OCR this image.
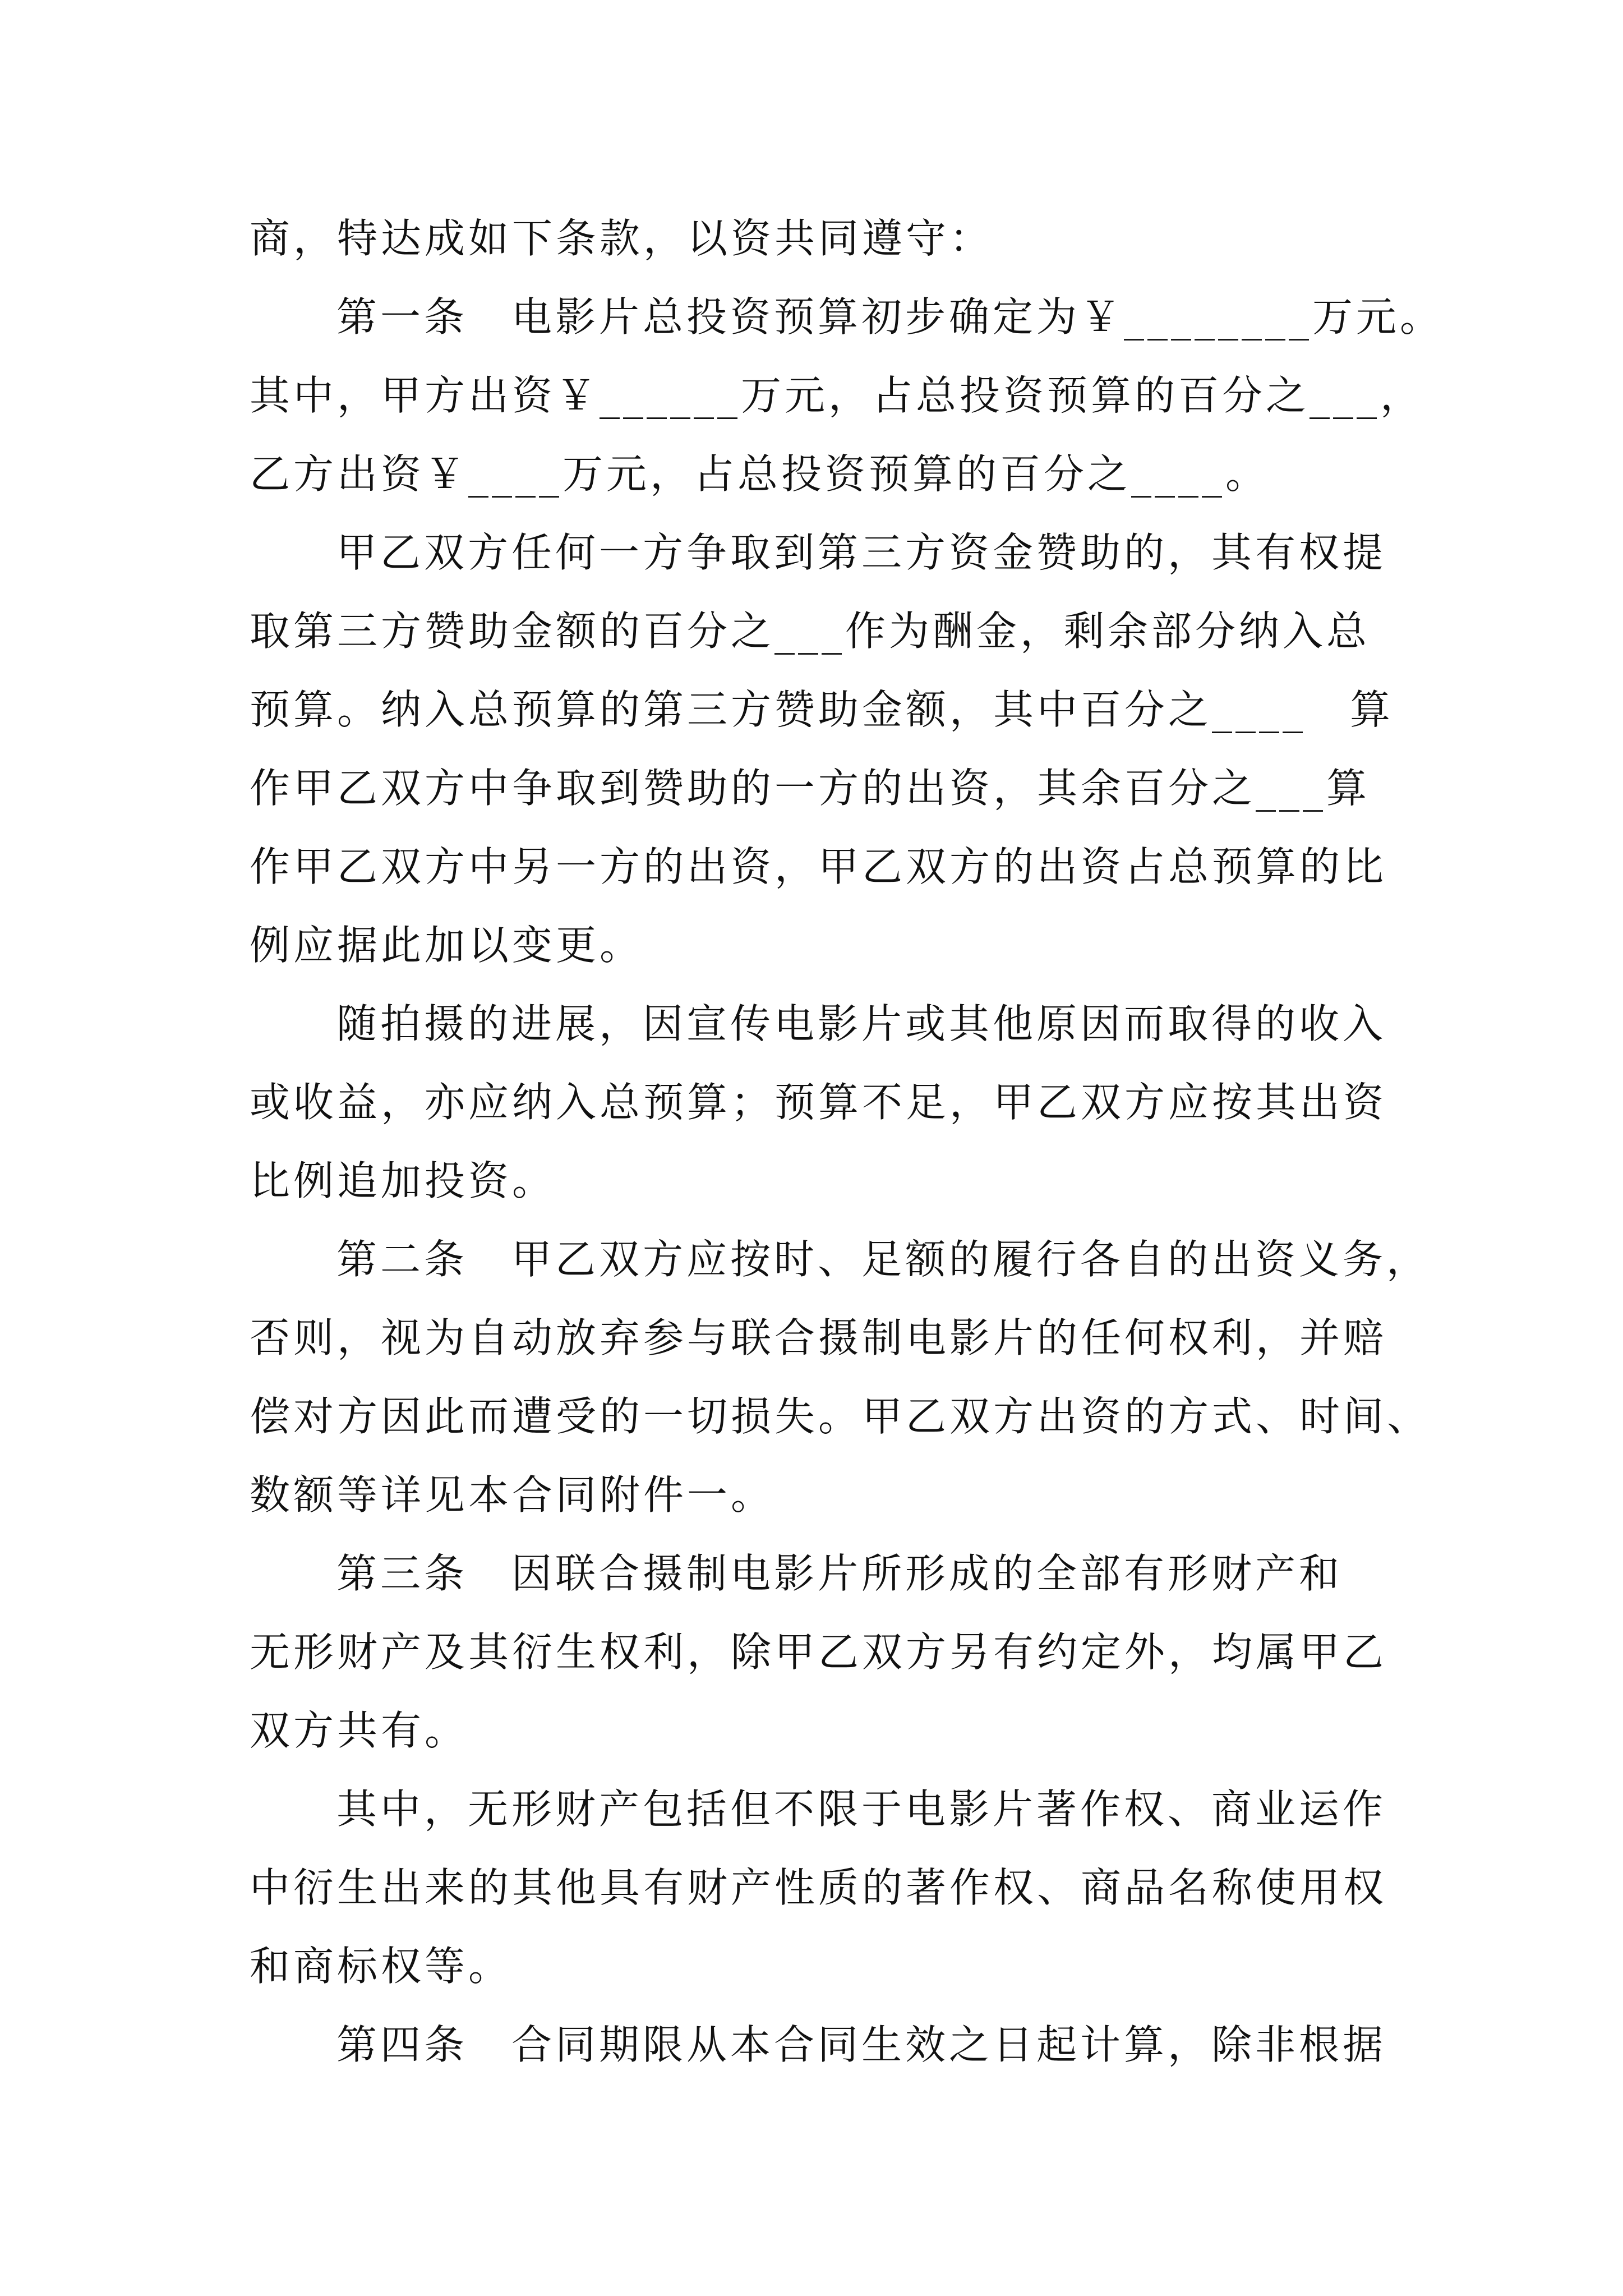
商，特达成如下条款，以资共同遵守：
第一条　电影片总投资预算初步确定为￥________万元。
其中，甲方出资￥______万元，占总投资预算的百分之___，
乙方出资￥____万元，占总投资预算的百分之____。
甲乙双方任何一方争取到第三方资金赞助的，其有权提
取第三方赞助金额的百分之___作为酬金，剩余部分纳入总
预算。纳入总预算的第三方赞助金额，其中百分之____　算
作甲乙双方中争取到赞助的一方的出资，其余百分之___算
作甲乙双方中另一方的出资，甲乙双方的出资占总预算的比
例应据此加以变更。
随拍摄的进展，因宣传电影片或其他原因而取得的收入
或收益，亦应纳入总预算；预算不足，甲乙双方应按其出资
比例追加投资。
第二条　甲乙双方应按时、足额的履行各自的出资义务，
否则，视为自动放弃参与联合摄制电影片的任何权利，并赔
偿对方因此而遭受的一切损失。甲乙双方出资的方式、时间、
数额等详见本合同附件一。
第三条　因联合摄制电影片所形成的全部有形财产和
无形财产及其衍生权利，除甲乙双方另有约定外，均属甲乙
双方共有。
其中，无形财产包括但不限于电影片著作权、商业运作
中衍生出来的其他具有财产性质的著作权、商品名称使用权
和商标权等。
第四条　合同期限从本合同生效之日起计算，除非根据
